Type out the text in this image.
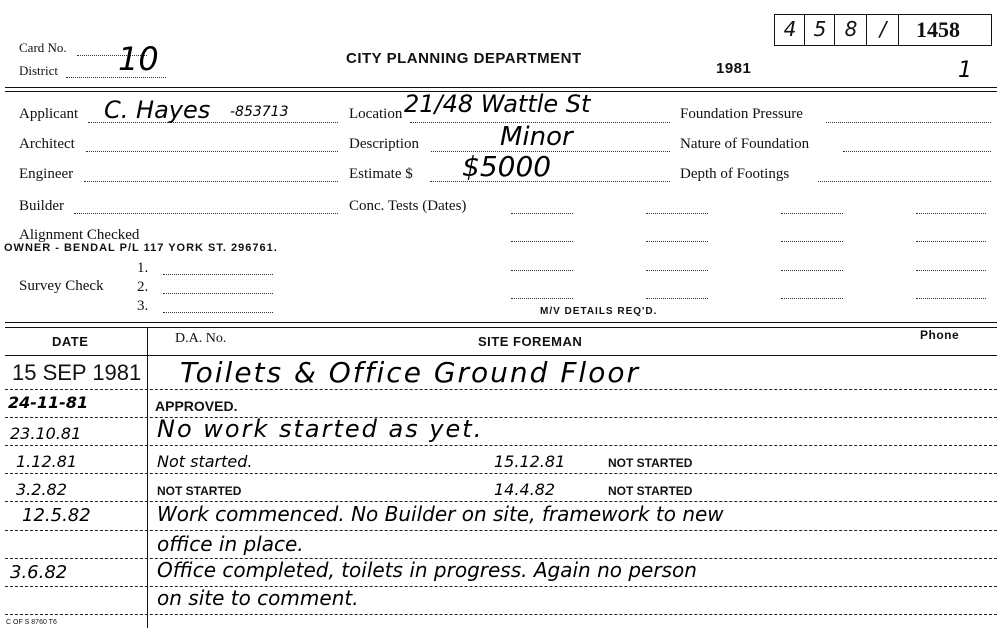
Card No.
District 10	CITY PLANNING DEPARTMENT
1981	1
4 5 8	/	1458
Applicant C. Hayes -853713
Architect
Engineer
Builder
Alignment Checked
OWNER - BENDAL P/L 117 YORK ST. 296761.
Survey Check
1.
2.
3.
Location 21/48 Wattle St
Description	Minor
Estimate $ $5000
Conc. Tests (Dates)
Foundation Pressure
Nature of Foundation
Depth of Footings
M/V DETAILS REQ'D.
DATE	D.A. No.	SITE FOREMAN	Phone
15 SEP 1981 Toilets & Office Ground Floor
24-11-81	APPROVED.
23.10.81	No work started as yet.
1.12.81	Not started.	15.12.81	NOT STARTED
3.2.82	NOT STARTED	14.4.82	NOT STARTED
12.5.82	Work commenced. No Builder on site, framework to new
office in place.
3.6.82	Office completed, toilets in progress. Again no person
on site to comment.
C OF S 8760 T6
